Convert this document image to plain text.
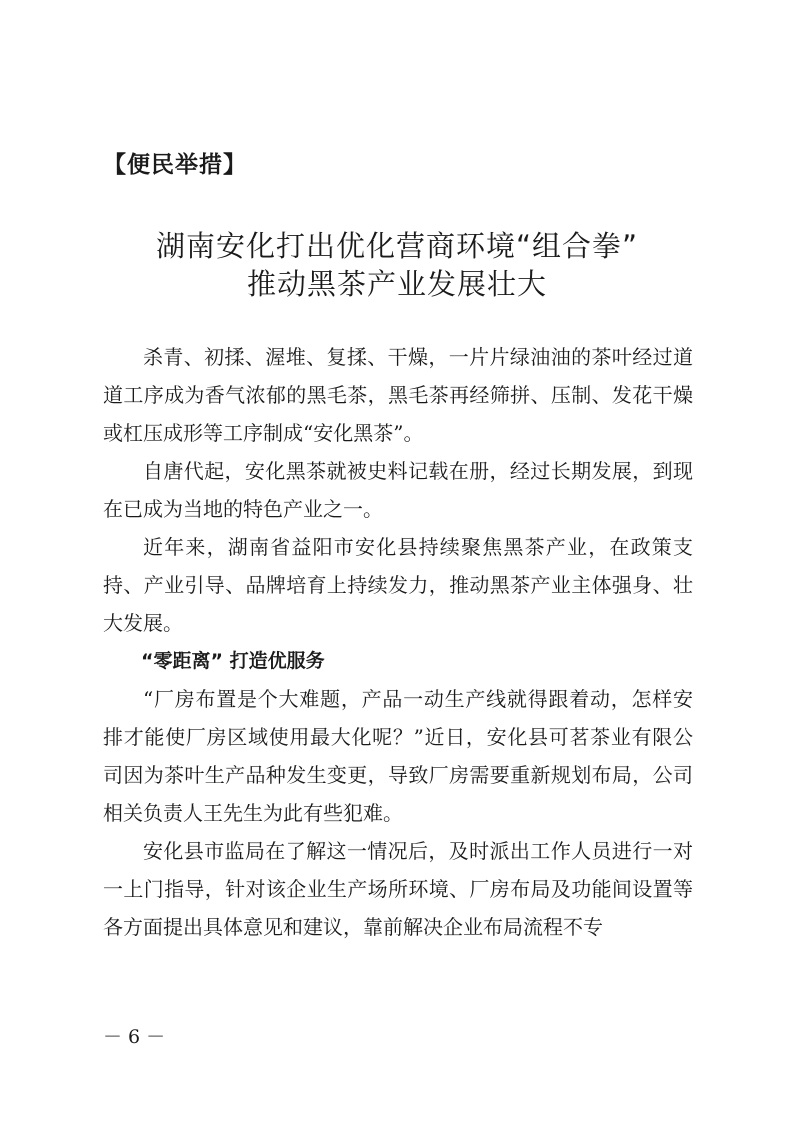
【便民举措】
湖南安化打出优化营商环境“组合拳”
推动黑茶产业发展壮大

杀青、初揉、渥堆、复揉、干燥，一片片绿油油的茶叶经过道道工序成为香气浓郁的黑毛茶，黑毛茶再经筛拼、压制、发花干燥或杠压成形等工序制成“安化黑茶”。

自唐代起，安化黑茶就被史料记载在册，经过长期发展，到现在已成为当地的特色产业之一。

近年来，湖南省益阳市安化县持续聚焦黑茶产业，在政策支持、产业引导、品牌培育上持续发力，推动黑茶产业主体强身、壮大发展。

“零距离” 打造优服务

“厂房布置是个大难题，产品一动生产线就得跟着动，怎样安排才能使厂房区域使用最大化呢？”近日，安化县可茗茶业有限公司因为茶叶生产品种发生变更，导致厂房需要重新规划布局，公司相关负责人王先生为此有些犯难。

安化县市监局在了解这一情况后，及时派出工作人员进行一对一上门指导，针对该企业生产场所环境、厂房布局及功能间设置等各方面提出具体意见和建议，靠前解决企业布局流程不专

－ 6 －
